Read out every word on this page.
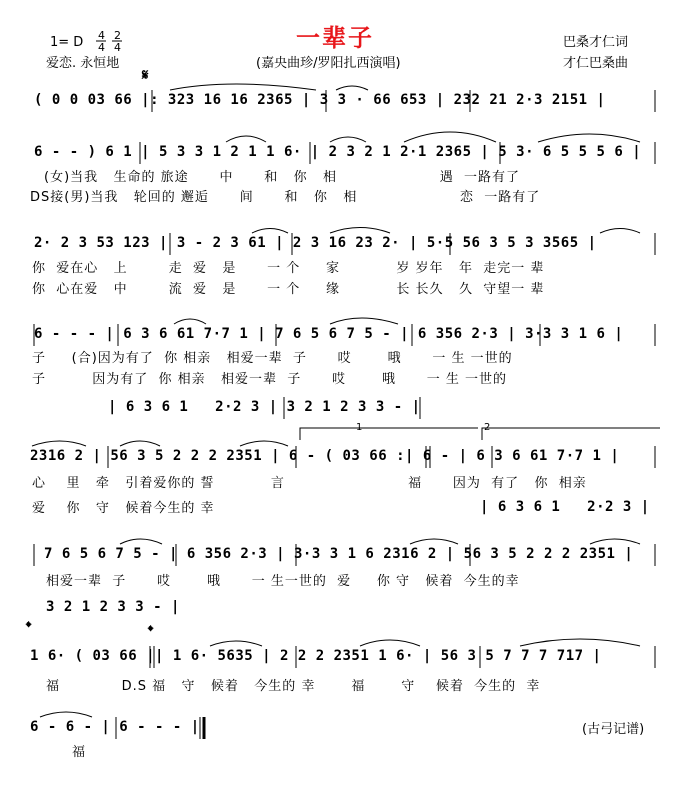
一辈子
1= D 4
4
2
4
爱恋. 永恒地	(嘉央曲珍/罗阳扎西演唱)
巴桑才仁词
才仁巴桑曲
𝄋
( 0 0 03 66 |: 323 16 16 2365 | 3 3 · 66 653 | 232 21 2·3 2151 |
6 - - ) 6 1 | 5 3 3 1 2 1 1 6· | 2 3 2 1 2·1 2365 | 5 3· 6 5 5 5 6 |
(女)当我   生命的 旅途      中      和   你   相                    遇  一路有了
DS接(男)当我   轮回的 邂逅      间      和   你   相                    恋  一路有了
2· 2 3 53 123 | 3 - 2 3 61 | 2 3 16 23 2· | 5·5 56 3 5 3 3565 |
你  爱在心   上        走  爱   是      一 个     家           岁 岁年   年  走完一 辈
你  心在爱   中        流  爱   是      一 个     缘           长 长久   久  守望一 辈
6 - - - | 6 3 6 61 7·7 1 | 7 6 5 6 7 5 - | 6 356 2·3 | 3·3 3 1 6 |
子     (合)因为有了  你 相亲   相爱一辈  子      哎       哦      一 生 一世的
子         因为有了  你 相亲   相爱一辈  子      哎       哦      一 生 一世的
| 6 3 6 1   2·2 3 | 3 2 1 2 3 3 - |
2316 2 | 56 3 5 2 2 2 2351 | 6 - ( 03 66 :| 6 - | 6 3 6 61 7·7 1 |
心    里   牵   引着爱你的 誓           言                        福      因为  有了   你  相亲
爱    你   守   候着今生的 幸	| 6 3 6 1   2·2 3 |
1	2
7 6 5 6 7 5 - | 6 356 2·3 | 3·3 3 1 6 2316 2 | 56 3 5 2 2 2 2351 |
相爱一辈  子      哎       哦      一 生一世的  爱     你 守   候着  今生的幸
3 2 1 2 3 3 - |
𝄌	𝄌
1 6· ( 03 66 || 1 6· 5635 | 2 2 2 2351 1 6· | 56 3 5 7 7 7 717 |
福            D.S 福   守   候着   今生的 幸       福       守    候着  今生的  幸
6 - 6 - | 6 - - - ||
福
(古弓记谱)
